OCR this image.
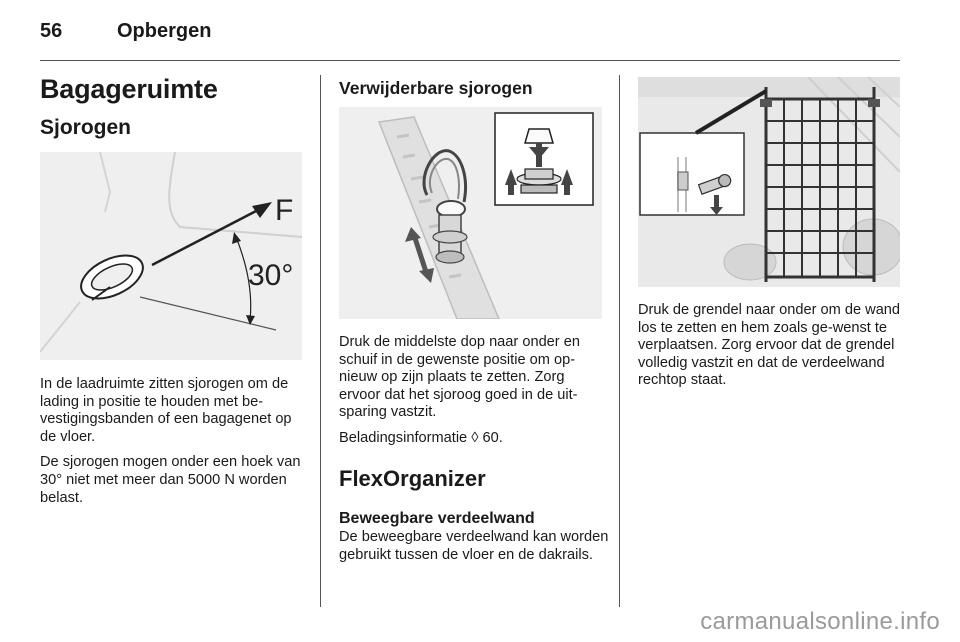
56	Opbergen
Bagageruimte
Sjorogen
F
30°

In de laadruimte zitten sjorogen om de lading in positie te houden met be-vestigingsbanden of een bagagenet op de vloer.

De sjorogen mogen onder een hoek van 30° niet met meer dan 5000 N worden belast.

Verwijderbare sjorogen

Druk de middelste dop naar onder en schuif in de gewenste positie om op-nieuw op zijn plaats te zetten. Zorg ervoor dat het sjoroog goed in de uit-sparing vastzit.

Beladingsinformatie ◊ 60.

FlexOrganizer
Beweegbare verdeelwand
De beweegbare verdeelwand kan worden gebruikt tussen de vloer en de dakrails.
Druk de grendel naar onder om de wand los te zetten en hem zoals ge-wenst te verplaatsen. Zorg ervoor dat de grendel volledig vastzit en dat de verdeelwand rechtop staat.
carmanualsonline.info
